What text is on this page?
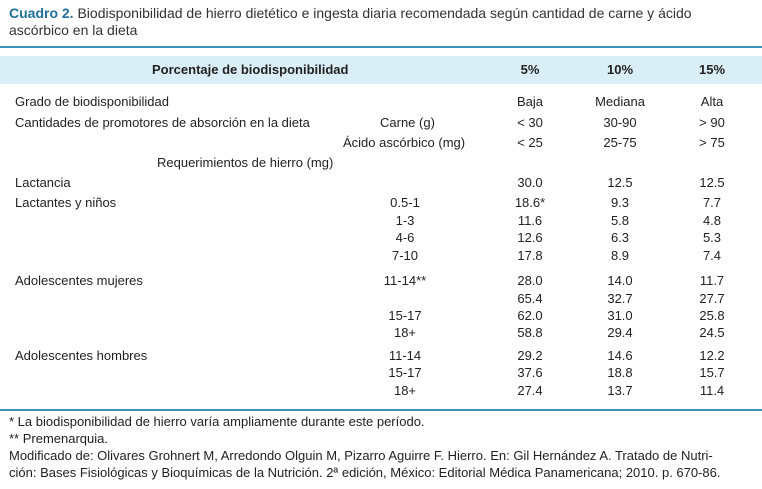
Cuadro 2. Biodisponibilidad de hierro dietético e ingesta diaria recomendada según cantidad de carne y ácido ascórbico en la dieta
Porcentaje de biodisponibilidad	5%	10%	15%
Grado de biodisponibilidad	Baja	Mediana	Alta
Cantidades de promotores de absorción en la dieta	Carne (g)	< 30	30-90	> 90
Ácido ascórbico (mg)	< 25	25-75	> 75
Requerimientos de hierro (mg)
Lactancia	30.0	12.5	12.5
Lactantes y niños	0.5-1	18.6*	9.3	7.7
1-3	11.6	5.8	4.8
4-6	12.6	6.3	5.3
7-10	17.8	8.9	7.4
Adolescentes mujeres	11-14**	28.0	14.0	11.7
65.4	32.7	27.7
15-17	62.0	31.0	25.8
18+	58.8	29.4	24.5
Adolescentes hombres	11-14	29.2	14.6	12.2
15-17	37.6	18.8	15.7
18+	27.4	13.7	11.4
* La biodisponibilidad de hierro varía ampliamente durante este período.
** Premenarquia.
Modificado de: Olivares Grohnert M, Arredondo Olguin M, Pizarro Aguirre F. Hierro. En: Gil Hernández A. Tratado de Nutri-
ción: Bases Fisiológicas y Bioquímicas de la Nutrición. 2ª edición, México: Editorial Médica Panamericana; 2010. p. 670-86.
